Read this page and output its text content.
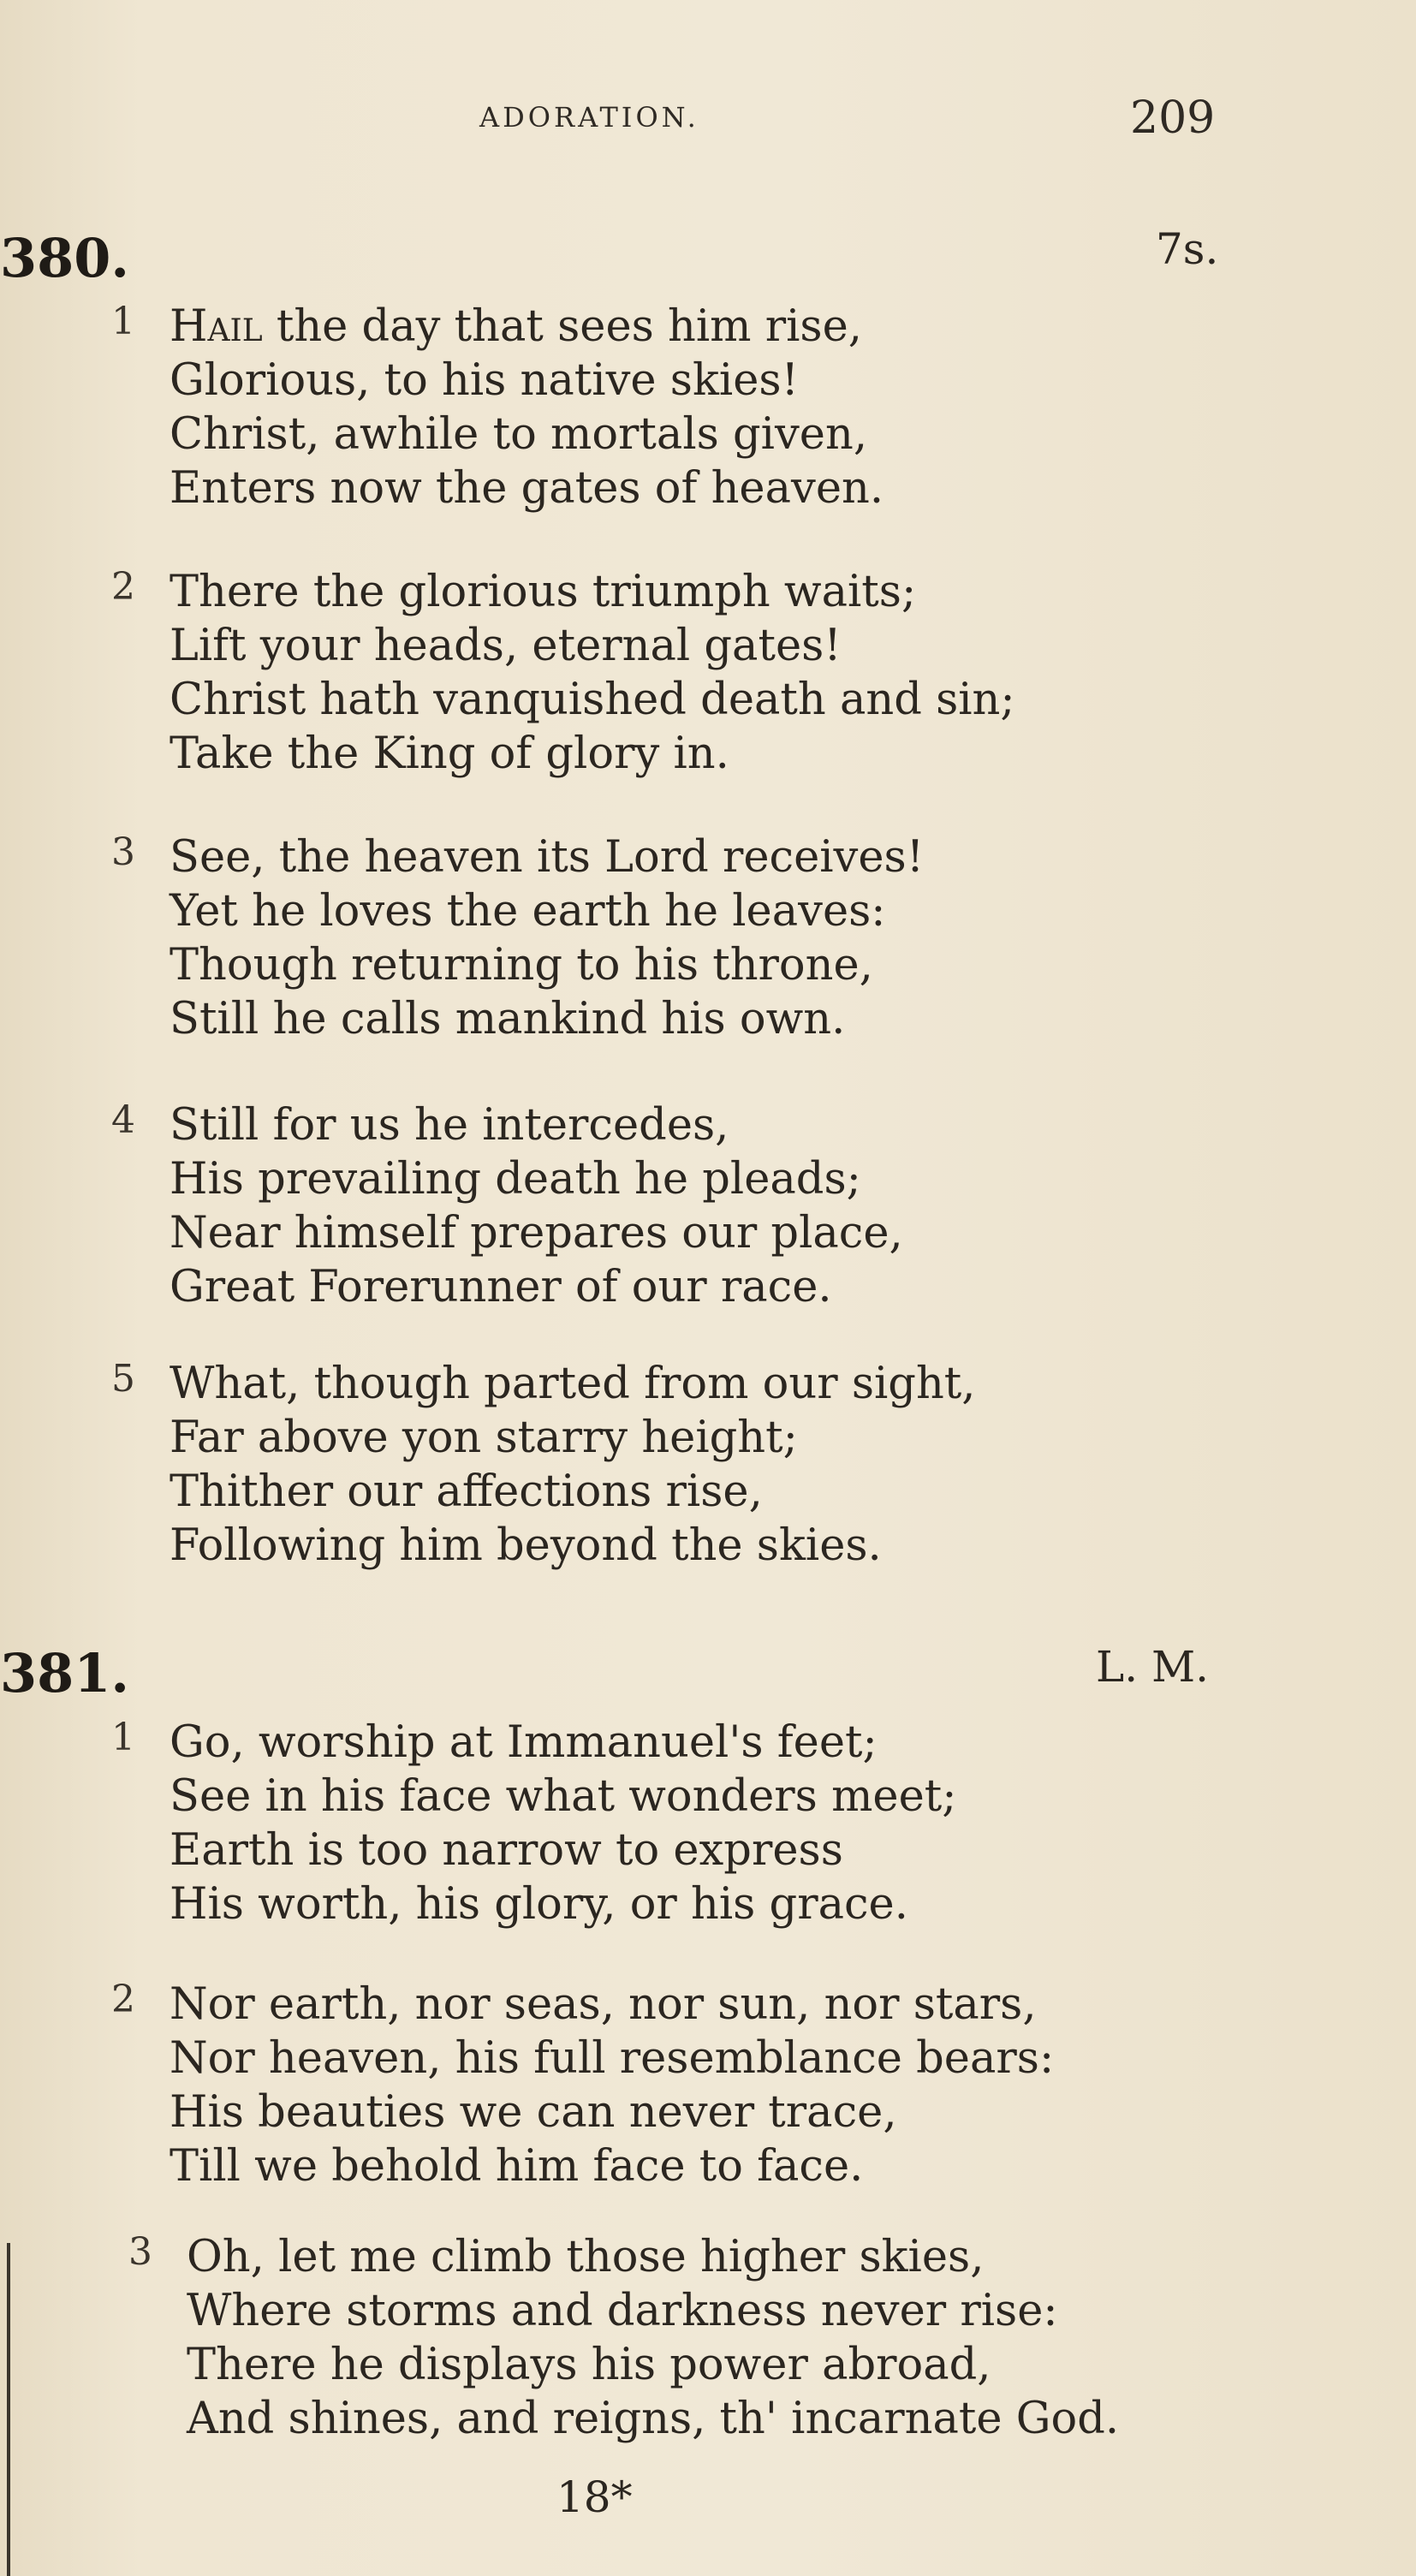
ADORATION.	209
380.	7s.
1 Hail the day that sees him rise,
Glorious, to his native skies!
Christ, awhile to mortals given,
Enters now the gates of heaven.
2 There the glorious triumph waits;
Lift your heads, eternal gates!
Christ hath vanquished death and sin;
Take the King of glory in.
3 See, the heaven its Lord receives!
Yet he loves the earth he leaves:
Though returning to his throne,
Still he calls mankind his own.
4 Still for us he intercedes,
His prevailing death he pleads;
Near himself prepares our place,
Great Forerunner of our race.
5 What, though parted from our sight,
Far above yon starry height;
Thither our affections rise,
Following him beyond the skies.
381.	L. M.
1 Go, worship at Immanuel's feet;
See in his face what wonders meet;
Earth is too narrow to express
His worth, his glory, or his grace.
2 Nor earth, nor seas, nor sun, nor stars,
Nor heaven, his full resemblance bears:
His beauties we can never trace,
Till we behold him face to face.
3 Oh, let me climb those higher skies,
Where storms and darkness never rise:
There he displays his power abroad,
And shines, and reigns, th' incarnate God.
18*
